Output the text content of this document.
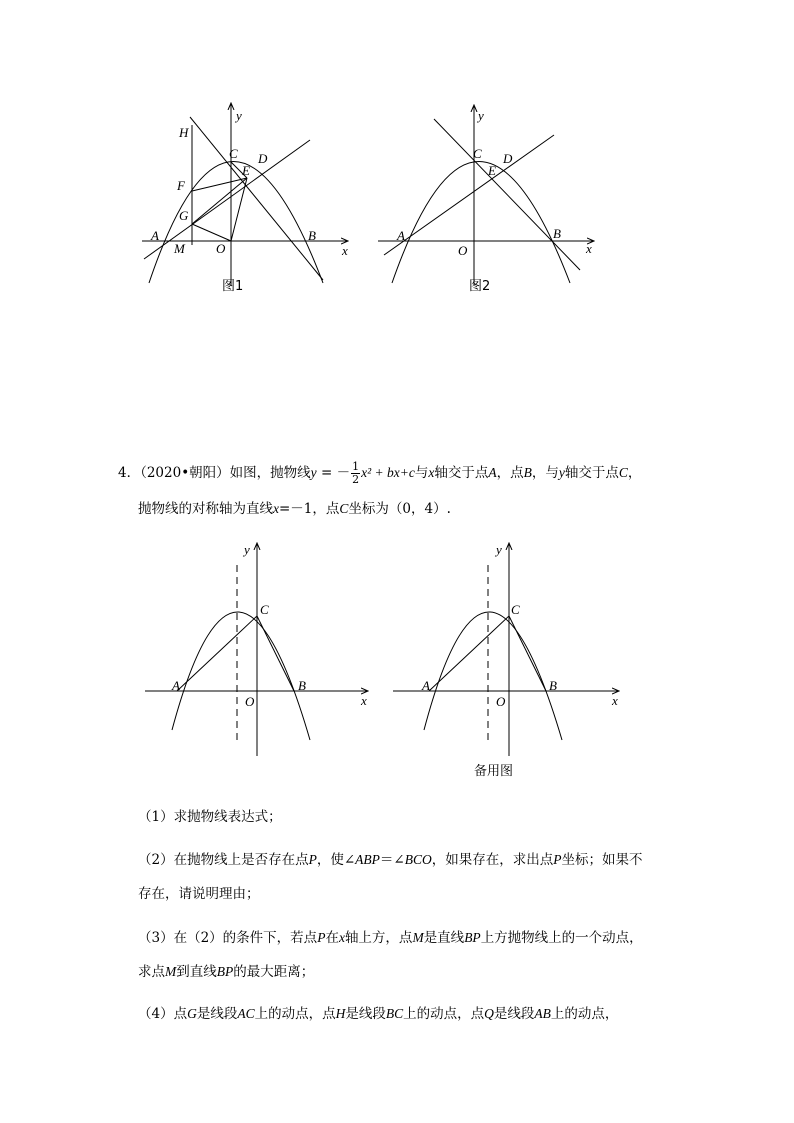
y
H
C D
E
F
G
A
M O
B
x
图1
y
C D
E
A
O
B
x
图2
4．（2020•朝阳）如图，抛物线y = － $\frac{1}{2} x^2 + bx+c$与x轴交于点A，点B，与y轴交于点C，
抛物线的对称轴为直线x=－1，点C坐标为（0，4）.
y
C
A
O
B
x
y
C
A
O
B
x
备用图
（1）求抛物线表达式；
（2）在抛物线上是否存在点P，使∠ABP＝∠BCO，如果存在，求出点P坐标；如果不
存在，请说明理由；
（3）在（2）的条件下，若点P在x轴上方，点M是直线BP上方抛物线上的一个动点，
求点M到直线BP的最大距离；
（4）点G是线段AC上的动点，点H是线段BC上的动点，点Q是线段AB上的动点，
